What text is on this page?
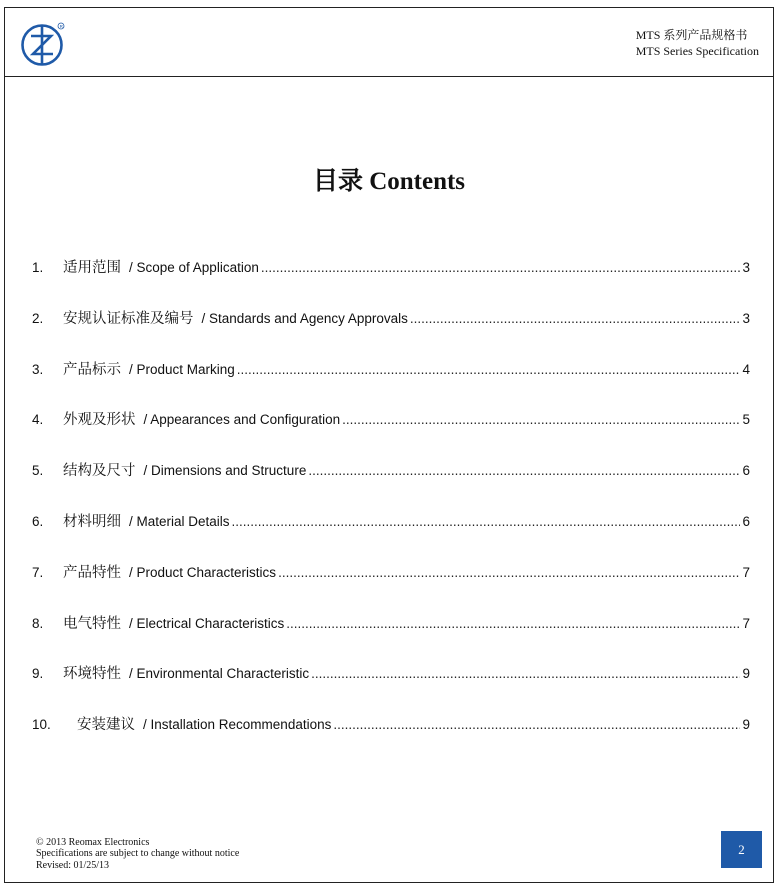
R
MTS 系列产品规格书
MTS Series Specification
目录 Contents
1.	适用范围 / Scope of Application .....	3
2.	安规认证标准及编号 / Standards and Agency Approvals .....	3
3.	产品标示 / Product Marking .....	4
4.	外观及形状 / Appearances and Configuration .....	5
5.	结构及尺寸 / Dimensions and Structure .....	6
6.	材料明细 / Material Details .....	6
7.	产品特性 / Product Characteristics .....	7
8.	电气特性 / Electrical Characteristics .....	7
9.	环境特性 / Environmental Characteristic .....	9
10.	安装建议 / Installation Recommendations .....	9
© 2013 Reomax Electronics
Specifications are subject to change without notice
Revised: 01/25/13
2
